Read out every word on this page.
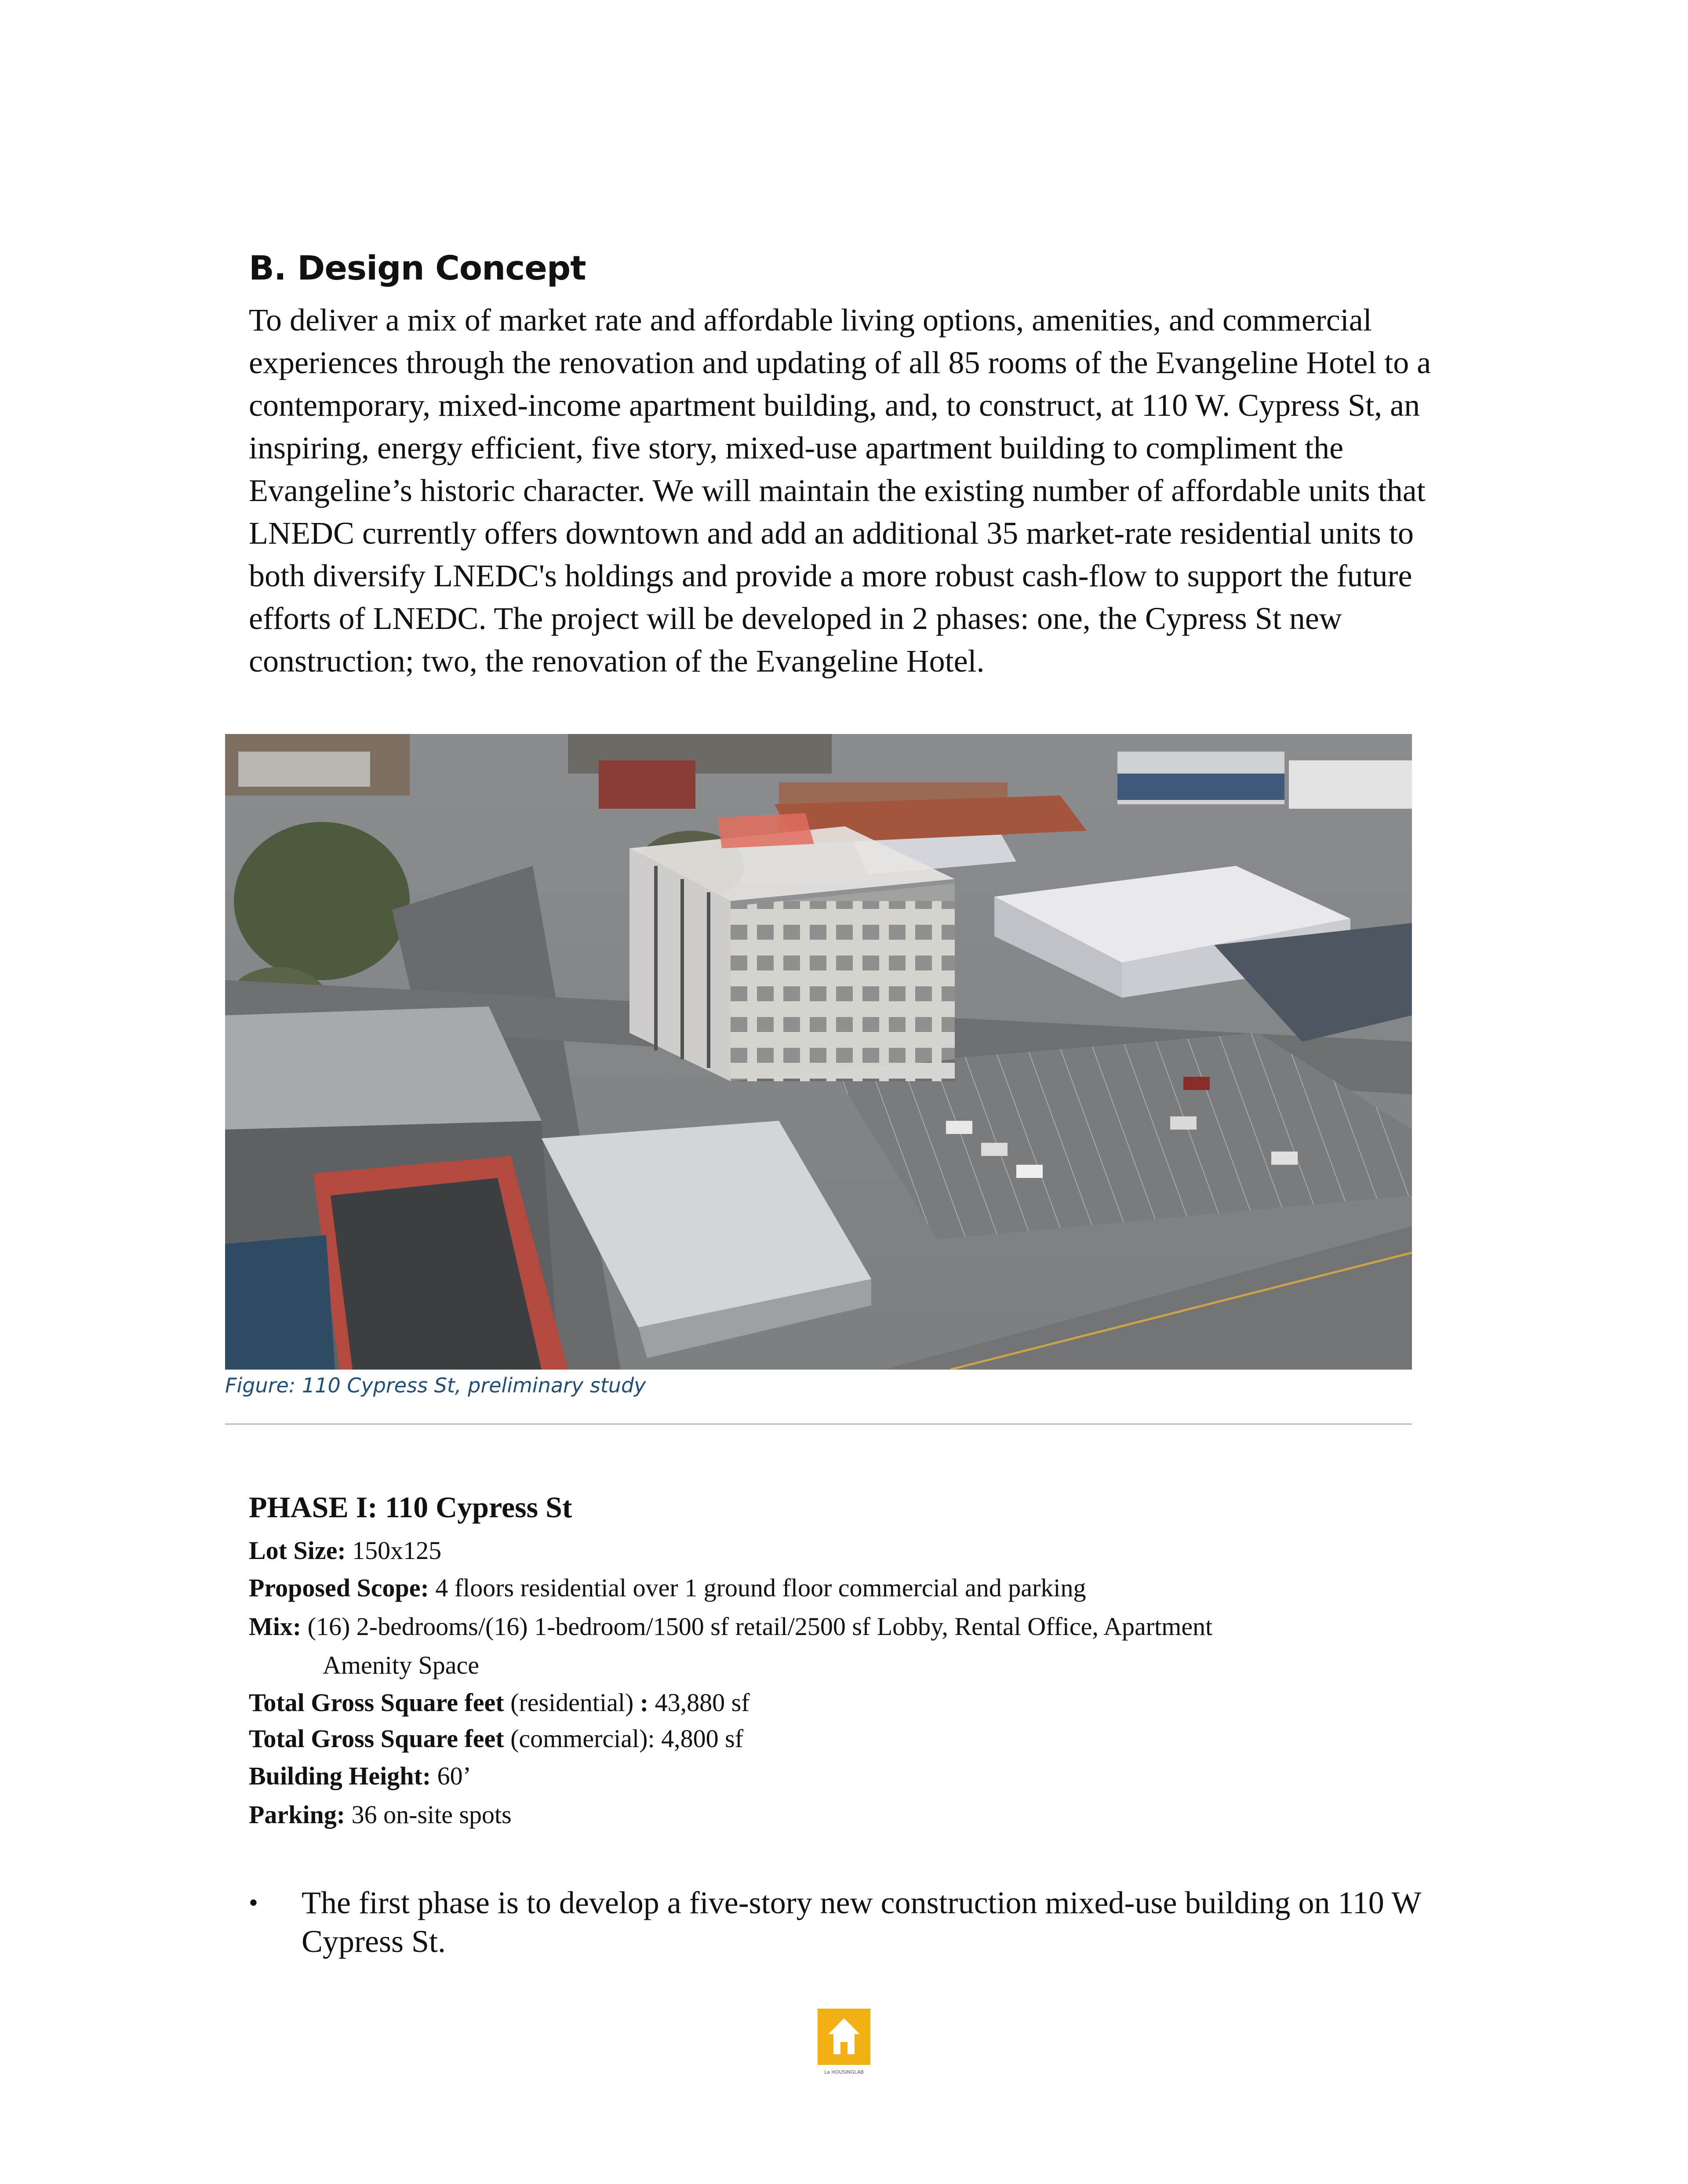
B. Design Concept

To deliver a mix of market rate and affordable living options, amenities, and commercial experiences through the renovation and updating of all 85 rooms of the Evangeline Hotel to a contemporary, mixed-income apartment building, and, to construct, at 110 W. Cypress St, an inspiring, energy efficient, five story, mixed-use apartment building to compliment the Evangeline’s historic character. We will maintain the existing number of affordable units that LNEDC currently offers downtown and add an additional 35 market-rate residential units to both diversify LNEDC's holdings and provide a more robust cash-flow to support the future efforts of LNEDC. The project will be developed in 2 phases: one, the Cypress St new construction; two, the renovation of the Evangeline Hotel.

Figure: 110 Cypress St, preliminary study
PHASE I: 110 Cypress St
Lot Size: 150x125
Proposed Scope: 4 floors residential over 1 ground floor commercial and parking
Mix: (16) 2-bedrooms/(16) 1-bedroom/1500 sf retail/2500 sf Lobby, Rental Office, Apartment
Amenity Space
Total Gross Square feet (residential) : 43,880 sf
Total Gross Square feet (commercial): 4,800 sf
Building Height: 60’
Parking: 36 on-site spots
• The first phase is to develop a five-story new construction mixed-use building on 110 W Cypress St.
La HOUSINGLAB
